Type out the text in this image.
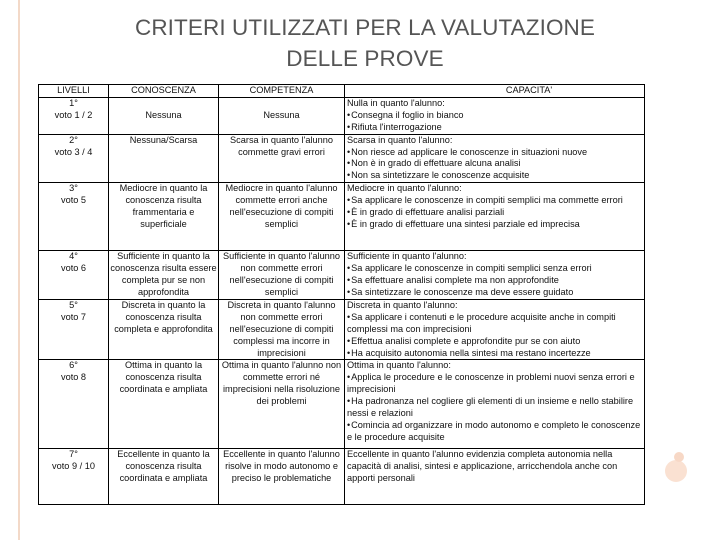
CRITERI UTILIZZATI PER LA VALUTAZIONE
DELLE PROVE
LIVELLI	CONOSCENZA	COMPETENZA	CAPACITA'

1°
voto 1 / 2	Nessuna	Nessuna	Nulla in quanto l'alunno:
• Consegna il foglio in bianco
• Rifiuta l'interrogazione

2°
voto 3 / 4	Nessuna/Scarsa	Scarsa in quanto l'alunno commette gravi errori	Scarsa in quanto l'alunno:
• Non riesce ad applicare le conoscenze in situazioni nuove
• Non è in grado di effettuare alcuna analisi
• Non sa sintetizzare le conoscenze acquisite

3°
voto 5	Mediocre in quanto la conoscenza risulta frammentaria e superficiale	Mediocre in quanto l'alunno commette errori anche nell'esecuzione di compiti semplici	Mediocre in quanto l'alunno:
• Sa applicare le conoscenze in compiti semplici ma commette errori
• È in grado di effettuare analisi parziali
• È in grado di effettuare una sintesi parziale ed imprecisa

4°
voto 6	Sufficiente in quanto la conoscenza risulta essere completa pur se non approfondita	Sufficiente in quanto l'alunno non commette errori nell'esecuzione di compiti semplici	Sufficiente in quanto l'alunno:
• Sa applicare le conoscenze in compiti semplici senza errori
• Sa effettuare analisi complete ma non approfondite
• Sa sintetizzare le conoscenze ma deve essere guidato

5°
voto 7	Discreta in quanto la conoscenza risulta completa e approfondita	Discreta in quanto l'alunno non commette errori nell'esecuzione di compiti complessi ma incorre in imprecisioni	Discreta in quanto l'alunno:
• Sa applicare i contenuti e le procedure acquisite anche in compiti complessi ma con imprecisioni
• Effettua analisi complete e approfondite pur se con aiuto
• Ha acquisito autonomia nella sintesi ma restano incertezze

6°
voto 8	Ottima in quanto la conoscenza risulta coordinata e ampliata	Ottima in quanto l'alunno non commette errori né imprecisioni nella risoluzione dei problemi	Ottima in quanto l'alunno:
• Applica le procedure e le conoscenze in problemi nuovi senza errori e imprecisioni
• Ha padronanza nel cogliere gli elementi di un insieme e nello stabilire nessi e relazioni
• Comincia ad organizzare in modo autonomo e completo le conoscenze e le procedure acquisite

7°
voto 9 / 10	Eccellente in quanto la conoscenza risulta coordinata e ampliata	Eccellente in quanto l'alunno risolve in modo autonomo e preciso le problematiche	Eccellente in quanto l'alunno evidenzia completa autonomia nella capacità di analisi, sintesi e applicazione, arricchendola anche con apporti personali
